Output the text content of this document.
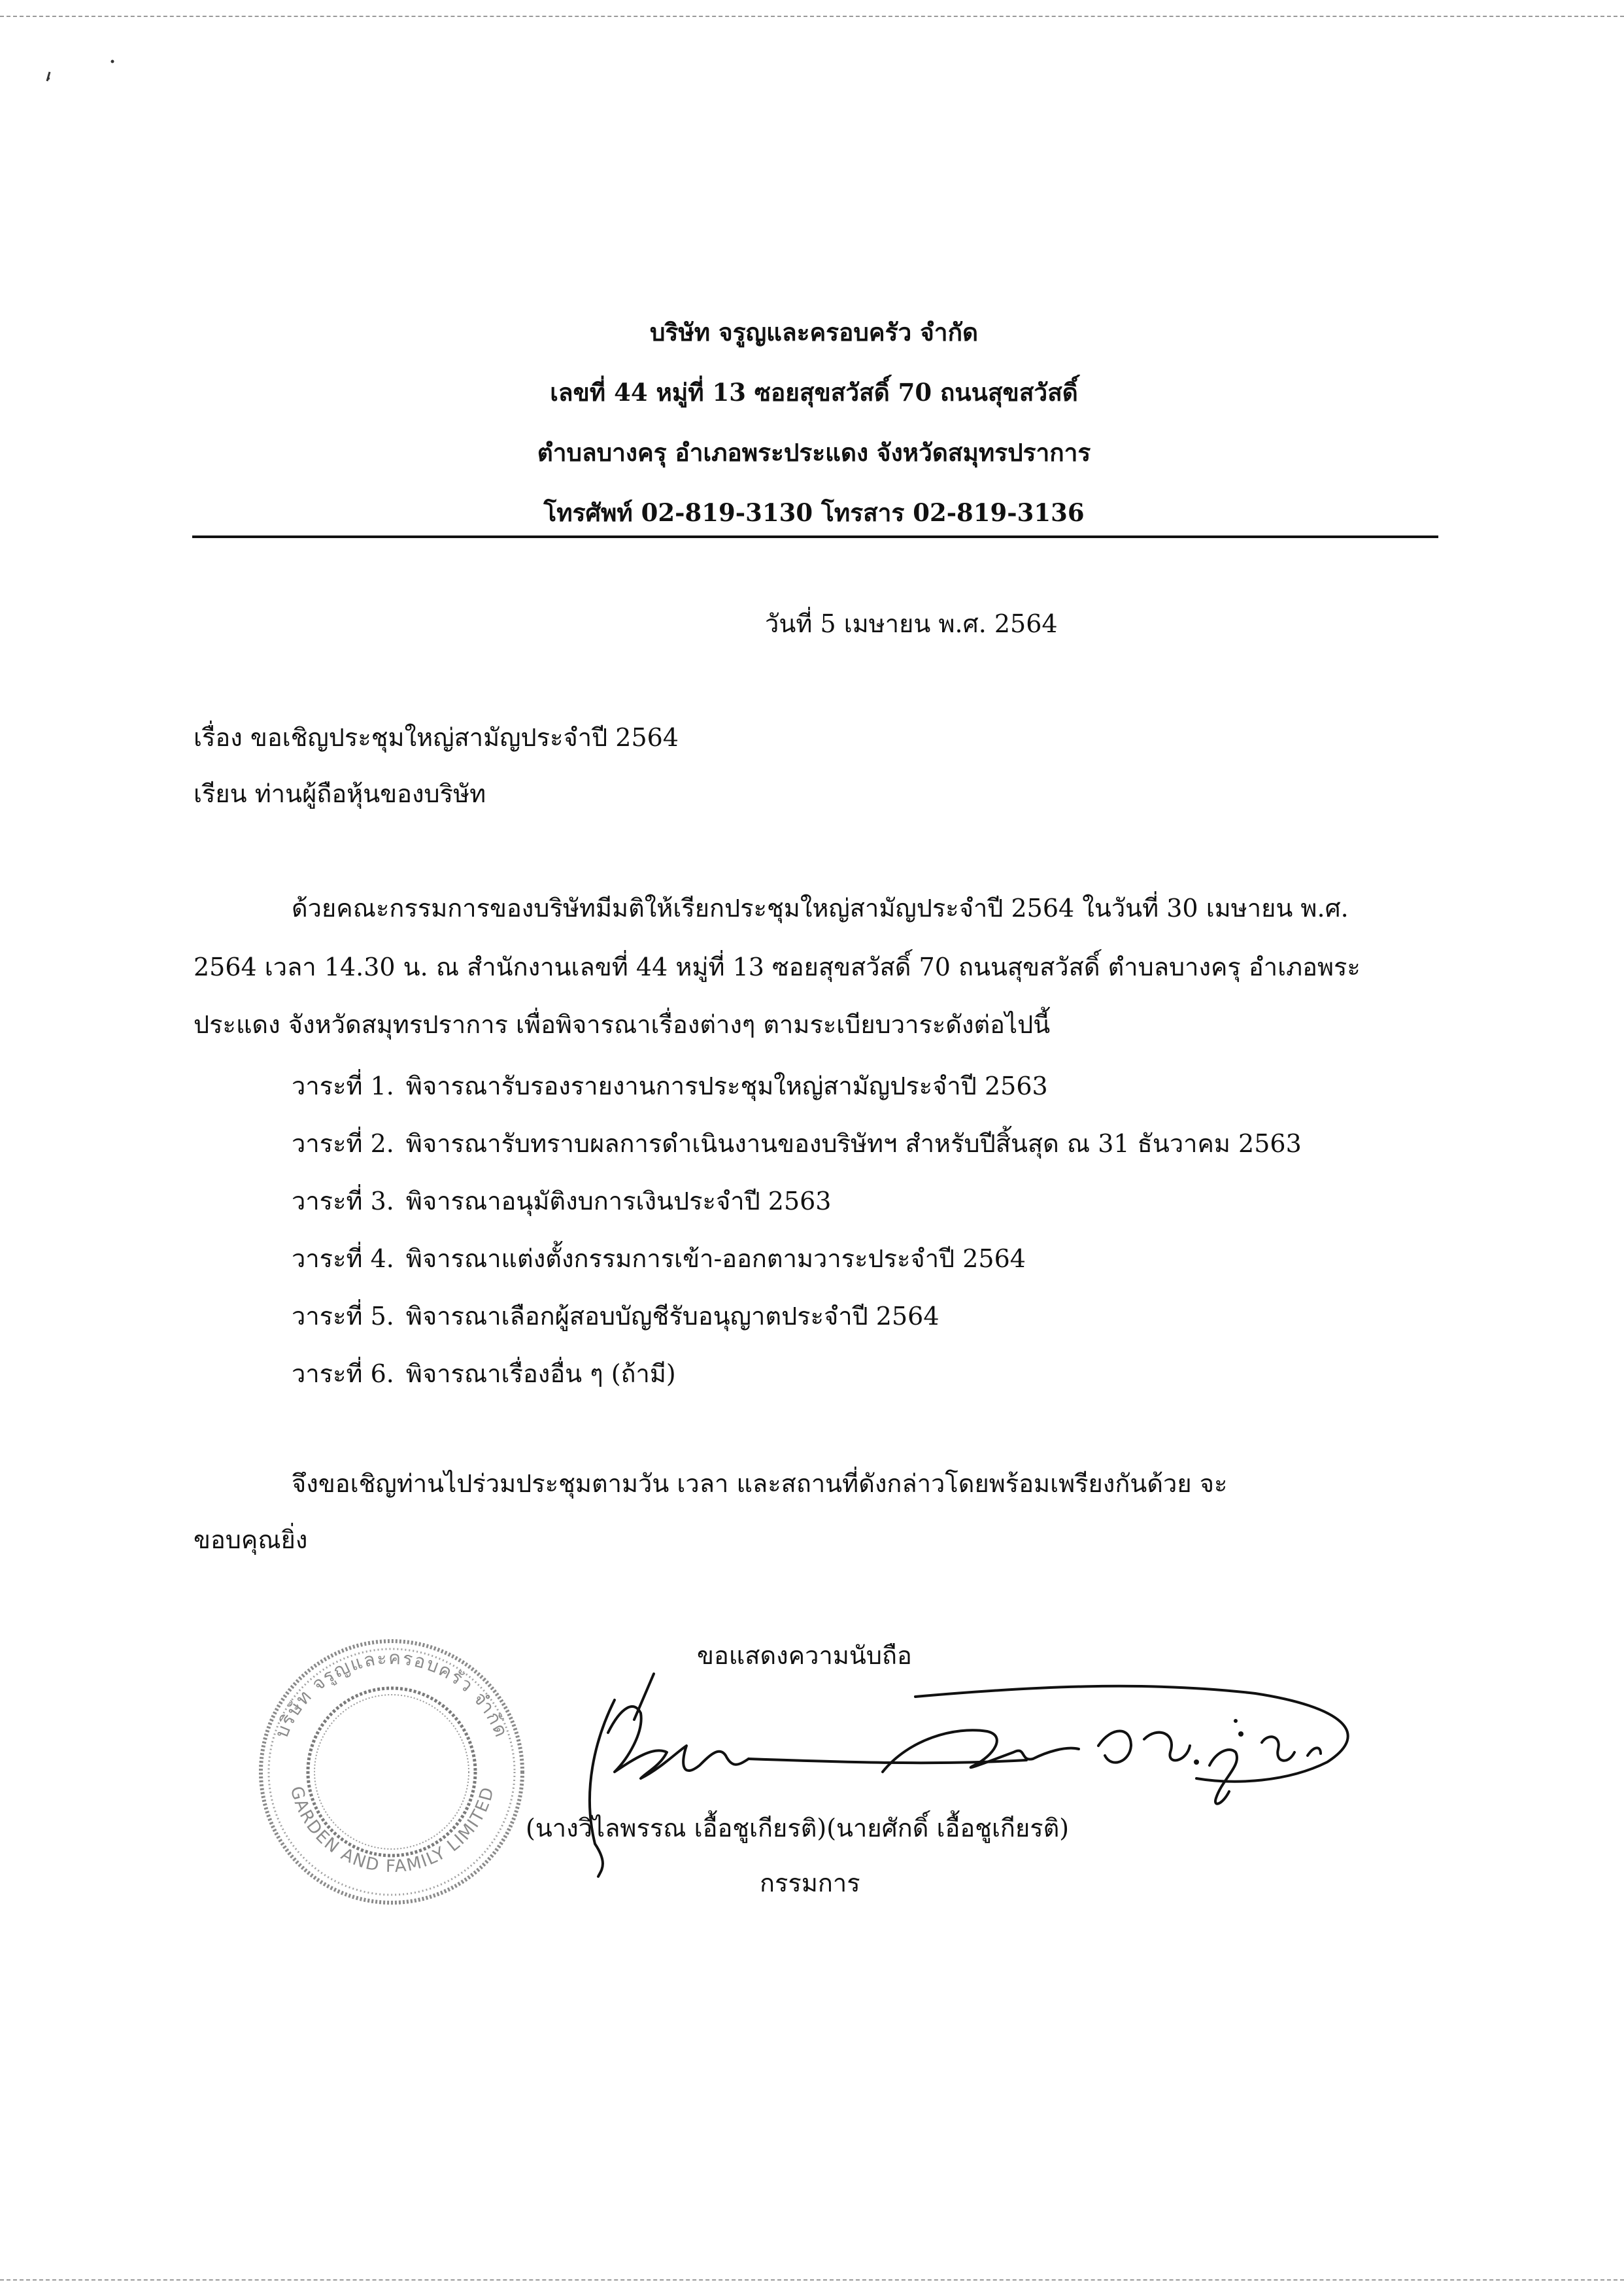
บริษัท จรูญและครอบครัว จำกัด
เลขที่ 44 หมู่ที่ 13 ซอยสุขสวัสดิ์ 70 ถนนสุขสวัสดิ์
ตำบลบางครุ อำเภอพระประแดง จังหวัดสมุทรปราการ
โทรศัพท์ 02-819-3130 โทรสาร 02-819-3136
วันที่ 5 เมษายน พ.ศ. 2564
เรื่อง ขอเชิญประชุมใหญ่สามัญประจำปี 2564
เรียน ท่านผู้ถือหุ้นของบริษัท
ด้วยคณะกรรมการของบริษัทมีมติให้เรียกประชุมใหญ่สามัญประจำปี 2564 ในวันที่ 30 เมษายน พ.ศ.
2564 เวลา 14.30 น. ณ สำนักงานเลขที่ 44 หมู่ที่ 13 ซอยสุขสวัสดิ์ 70 ถนนสุขสวัสดิ์ ตำบลบางครุ อำเภอพระ
ประแดง จังหวัดสมุทรปราการ เพื่อพิจารณาเรื่องต่างๆ ตามระเบียบวาระดังต่อไปนี้
วาระที่ 1. พิจารณารับรองรายงานการประชุมใหญ่สามัญประจำปี 2563
วาระที่ 2. พิจารณารับทราบผลการดำเนินงานของบริษัทฯ สำหรับปีสิ้นสุด ณ 31 ธันวาคม 2563
วาระที่ 3. พิจารณาอนุมัติงบการเงินประจำปี 2563
วาระที่ 4. พิจารณาแต่งตั้งกรรมการเข้า-ออกตามวาระประจำปี 2564
วาระที่ 5. พิจารณาเลือกผู้สอบบัญชีรับอนุญาตประจำปี 2564
วาระที่ 6. พิจารณาเรื่องอื่น ๆ (ถ้ามี)
จึงขอเชิญท่านไปร่วมประชุมตามวัน เวลา และสถานที่ดังกล่าวโดยพร้อมเพรียงกันด้วย จะ
ขอบคุณยิ่ง
ขอแสดงความนับถือ
บริษัท จรูญและครอบครัว จำกัด
GARDEN AND FAMILY LIMITED
(นางวิไลพรรณ เอื้อชูเกียรติ)(นายศักดิ์ เอื้อชูเกียรติ)
กรรมการ
